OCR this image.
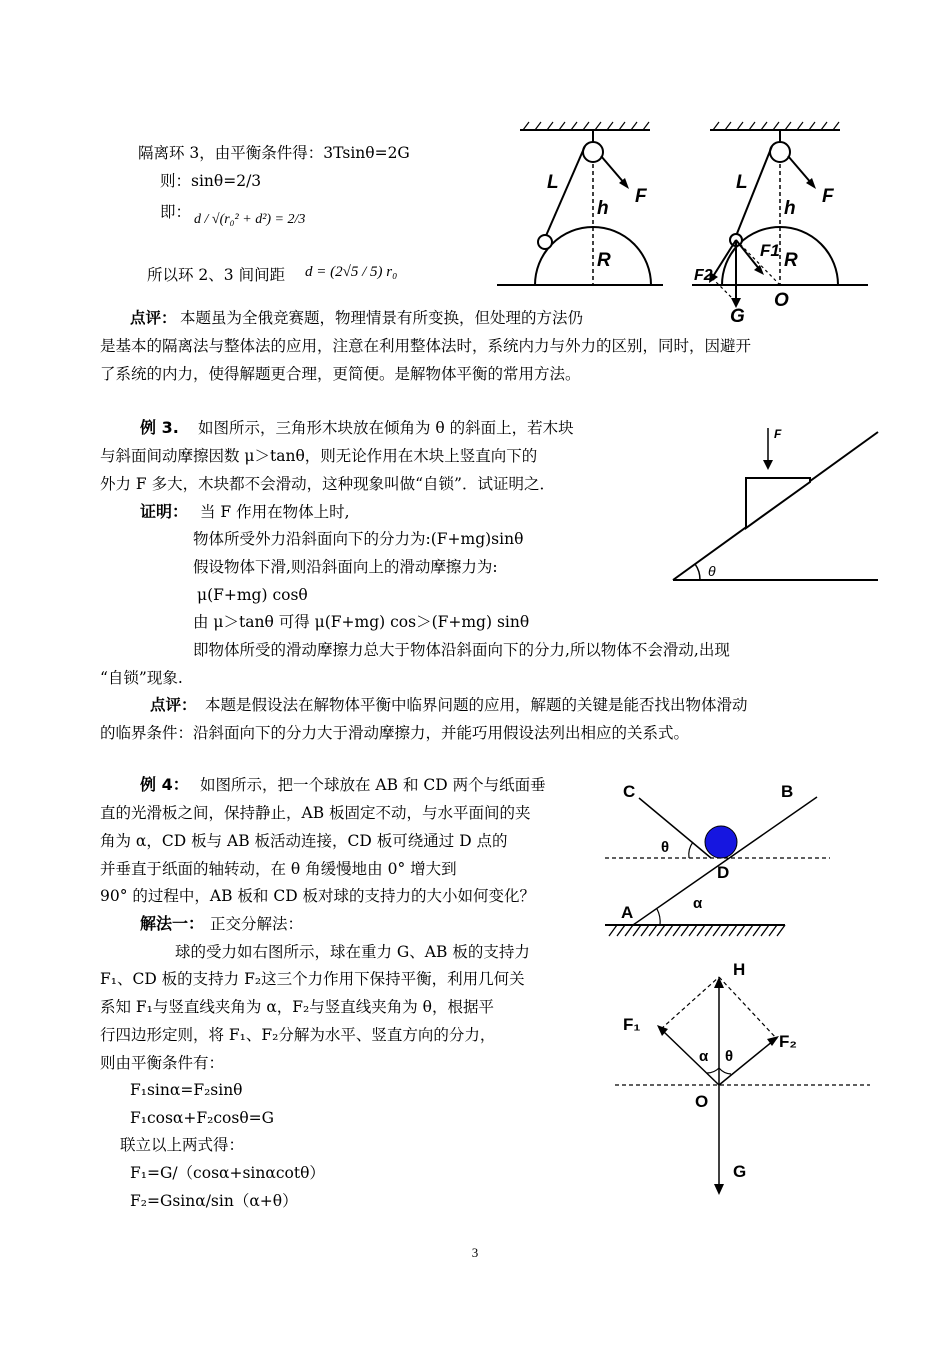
隔离环 3，由平衡条件得：3Tsinθ=2G
则：sinθ=2/3
即： d / √(r₀² + d²) = 2/3
所以环 2、3 间间距 d = (2√5 / 5) r₀
点评： 本题虽为全俄竞赛题，物理情景有所变换，但处理的方法仍
是基本的隔离法与整体法的应用，注意在利用整体法时，系统内力与外力的区别，同时，因避开
了系统的内力，使得解题更合理，更简便。是解物体平衡的常用方法。
L
F
h
R
L
F
h
F1 R
F2
O
G
例 3. 如图所示，三角形木块放在倾角为 θ 的斜面上，若木块
与斜面间动摩擦因数 μ＞tanθ，则无论作用在木块上竖直向下的
外力 F 多大，木块都不会滑动，这种现象叫做“自锁”．试证明之．
证明： 当 F 作用在物体上时,
物体所受外力沿斜面向下的分力为:(F+mg)sinθ
假设物体下滑,则沿斜面向上的滑动摩擦力为:
μ(F+mg) cosθ
由 μ＞tanθ 可得 μ(F+mg) cos＞(F+mg) sinθ
即物体所受的滑动摩擦力总大于物体沿斜面向下的分力,所以物体不会滑动,出现
“自锁”现象.
点评： 本题是假设法在解物体平衡中临界问题的应用，解题的关键是能否找出物体滑动
的临界条件：沿斜面向下的分力大于滑动摩擦力，并能巧用假设法列出相应的关系式。
F
θ
例 4： 如图所示，把一个球放在 AB 和 CD 两个与纸面垂
直的光滑板之间，保持静止，AB 板固定不动，与水平面间的夹
角为 α，CD 板与 AB 板活动连接，CD 板可绕通过 D 点的
并垂直于纸面的轴转动，在 θ 角缓慢地由 0° 增大到
90° 的过程中，AB 板和 CD 板对球的支持力的大小如何变化？
解法一： 正交分解法：
球的受力如右图所示，球在重力 G、AB 板的支持力
F₁、CD 板的支持力 F₂这三个力作用下保持平衡，利用几何关
系知 F₁与竖直线夹角为 α，F₂与竖直线夹角为 θ，根据平
行四边形定则，将 F₁、F₂分解为水平、竖直方向的分力，
则由平衡条件有：
F₁sinα=F₂sinθ
F₁cosα+F₂cosθ=G
联立以上两式得：
F₁=G/（cosα+sinαcotθ）
F₂=Gsinα/sin（α+θ）
C	B
θ
D
A	α
H
F₁
F₂
α θ
O
G
3
